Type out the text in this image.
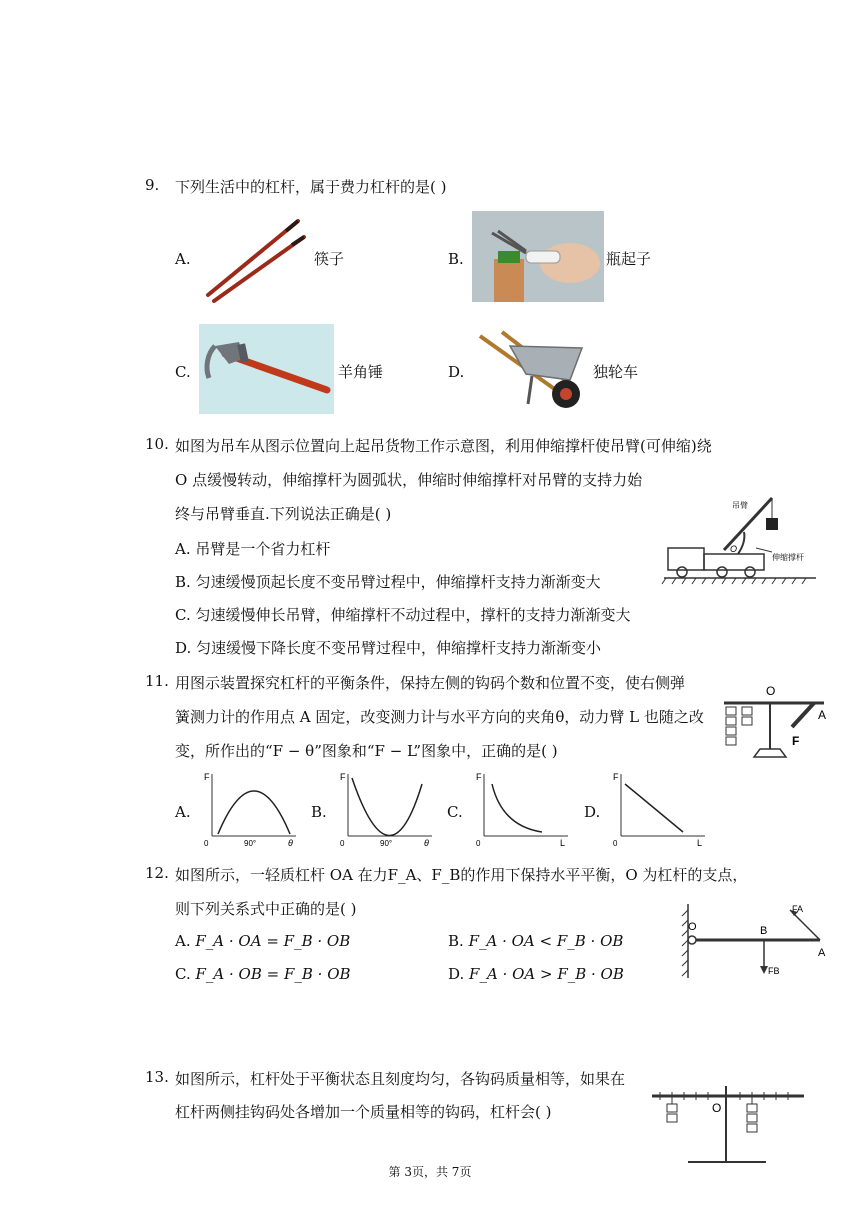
9. 下列生活中的杠杆，属于费力杠杆的是( )
A.	筷子	B.	瓶起子
C.	羊角锤	D.	独轮车
10. 如图为吊车从图示位置向上起吊货物工作示意图，利用伸缩撑杆使吊臂(可伸缩)绕
O 点缓慢转动，伸缩撑杆为圆弧状，伸缩时伸缩撑杆对吊臂的支持力始
终与吊臂垂直.下列说法正确是( )
A. 吊臂是一个省力杠杆
B. 匀速缓慢顶起长度不变吊臂过程中，伸缩撑杆支持力渐渐变大
C. 匀速缓慢伸长吊臂，伸缩撑杆不动过程中，撑杆的支持力渐渐变大
D. 匀速缓慢下降长度不变吊臂过程中，伸缩撑杆支持力渐渐变小
O
吊臂
伸缩撑杆
11. 用图示装置探究杠杆的平衡条件，保持左侧的钩码个数和位置不变，使右侧弹
簧测力计的作用点 A 固定，改变测力计与水平方向的夹角θ，动力臂 L 也随之改
变，所作出的“F − θ”图象和“F − L”图象中，正确的是( )
O
A
F
A.
F
0	90°	θ
B.
F
0	90°	θ
C.
F
0	L
D.
F
0	L
12. 如图所示，一轻质杠杆 OA 在力F_A、F_B的作用下保持水平平衡，O 为杠杆的支点，
则下列关系式中正确的是( )
A. F_A · OA = F_B · OB	B. F_A · OA < F_B · OB
C. F_A · OB = F_B · OB	D. F_A · OA > F_B · OB
O	B
A
FA
FB
13. 如图所示，杠杆处于平衡状态且刻度均匀，各钩码质量相等，如果在
杠杆两侧挂钩码处各增加一个质量相等的钩码，杠杆会( )	O
第 3页，共 7页
